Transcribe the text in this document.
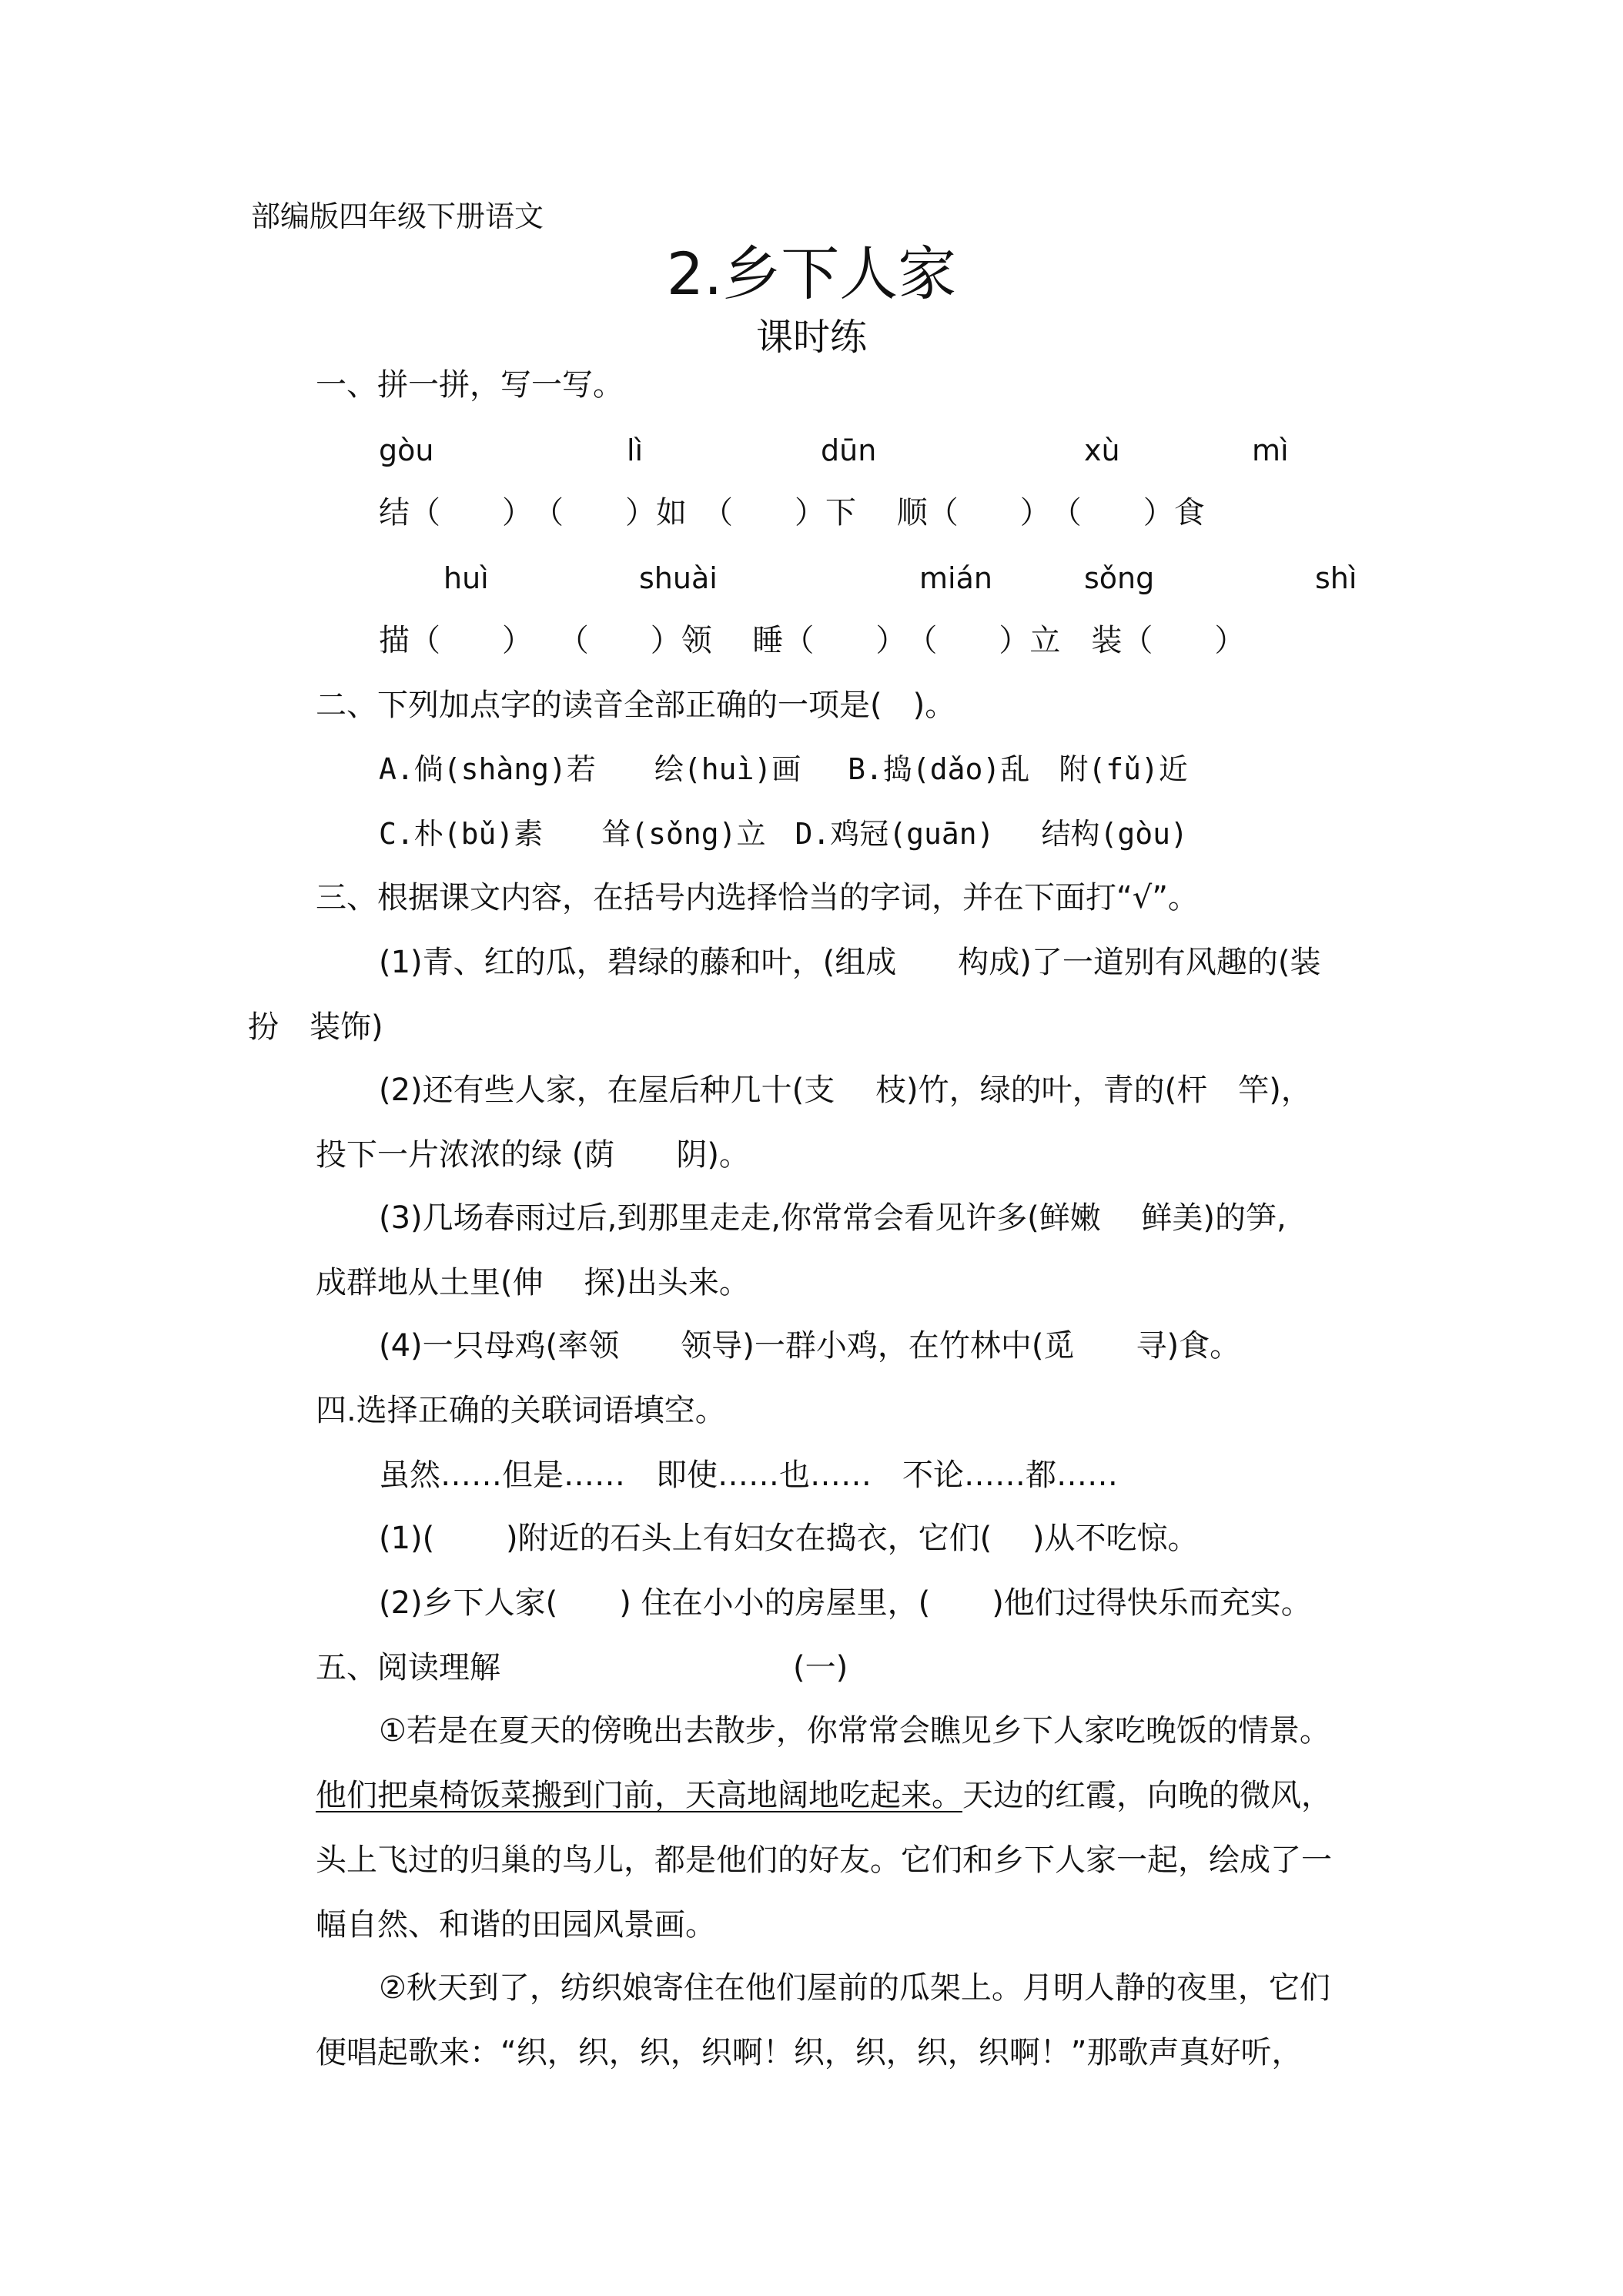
部编版四年级下册语文
2.乡下人家
课时练
一、拼一拼，写一写。
gòu	lì	dūn	xù	mì
结（　　）　（　　）如　（　　）下　 顺（　　）　（　　）食
huì	shuài	mián	sǒng	shì
描（　　）　 （　　）领　 睡（　　）　（　　）立　装（　　）
二、下列加点字的读音全部正确的一项是(　)。
A.倘(shàng)若　　绘(huì)画　 B.捣(dǎo)乱　附(fǔ)近
C.朴(bǔ)素　　耸(sǒng)立　D.鸡冠(guān)　 结构(gòu)
三、根据课文内容，在括号内选择恰当的字词，并在下面打“√”。
(1)青、红的瓜，碧绿的藤和叶，(组成　　构成)了一道别有风趣的(装
扮　装饰)
(2)还有些人家，在屋后种几十(支　 枝)竹，绿的叶，青的(杆　竿)，
投下一片浓浓的绿 (荫　　阴)。
(3)几场春雨过后,到那里走走,你常常会看见许多(鲜嫩　 鲜美)的笋,
成群地从土里(伸　 探)出头来。
(4)一只母鸡(率领　　领导)一群小鸡，在竹林中(觅　　寻)食。
四.选择正确的关联词语填空。
虽然……但是……　即使……也……　不论……都……
(1)(　　 )附近的石头上有妇女在捣衣，它们(　 )从不吃惊。
(2)乡下人家(　　) 住在小小的房屋里，(　　)他们过得快乐而充实。
五、阅读理解	(一)
①若是在夏天的傍晚出去散步，你常常会瞧见乡下人家吃晚饭的情景。
他们把桌椅饭菜搬到门前，天高地阔地吃起来。天边的红霞，向晚的微风，
头上飞过的归巢的鸟儿，都是他们的好友。它们和乡下人家一起，绘成了一
幅自然、和谐的田园风景画。
②秋天到了，纺织娘寄住在他们屋前的瓜架上。月明人静的夜里，它们
便唱起歌来：“织，织，织，织啊！织，织，织，织啊！”那歌声真好听，
